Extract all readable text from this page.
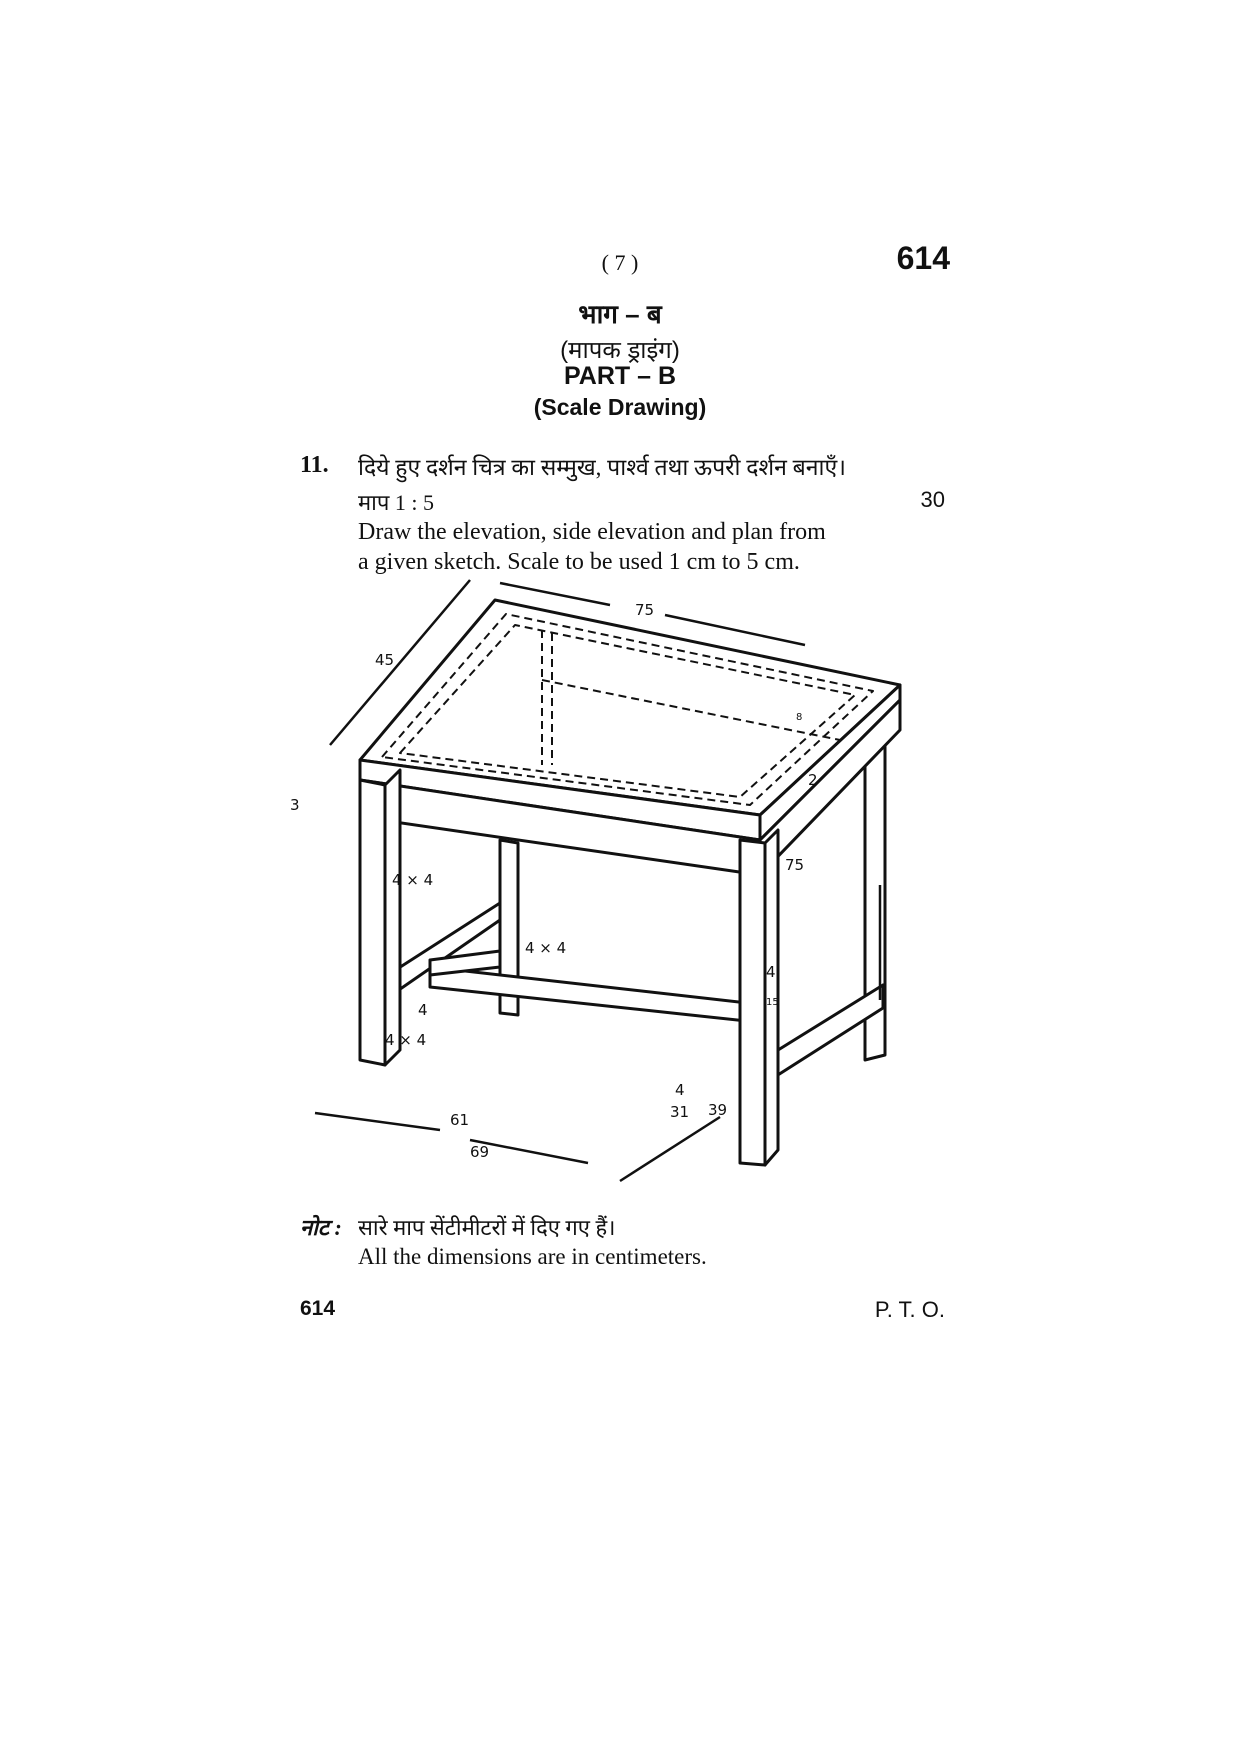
( 7 )	614
भाग – ब
(मापक ड्राइंग)
PART – B
(Scale Drawing)
11. दिये हुए दर्शन चित्र का सम्मुख, पार्श्व तथा ऊपरी दर्शन बनाएँ।
माप 1 : 5	30
Draw the elevation, side elevation and plan from
a given sketch. Scale to be used 1 cm to 5 cm.
75
45
3
2
75
4 × 4
4 × 4
4 × 4
4
4
4
61
69
31 39
8
15
नोट : सारे माप सेंटीमीटरों में दिए गए हैं।
All the dimensions are in centimeters.
614	P. T. O.
